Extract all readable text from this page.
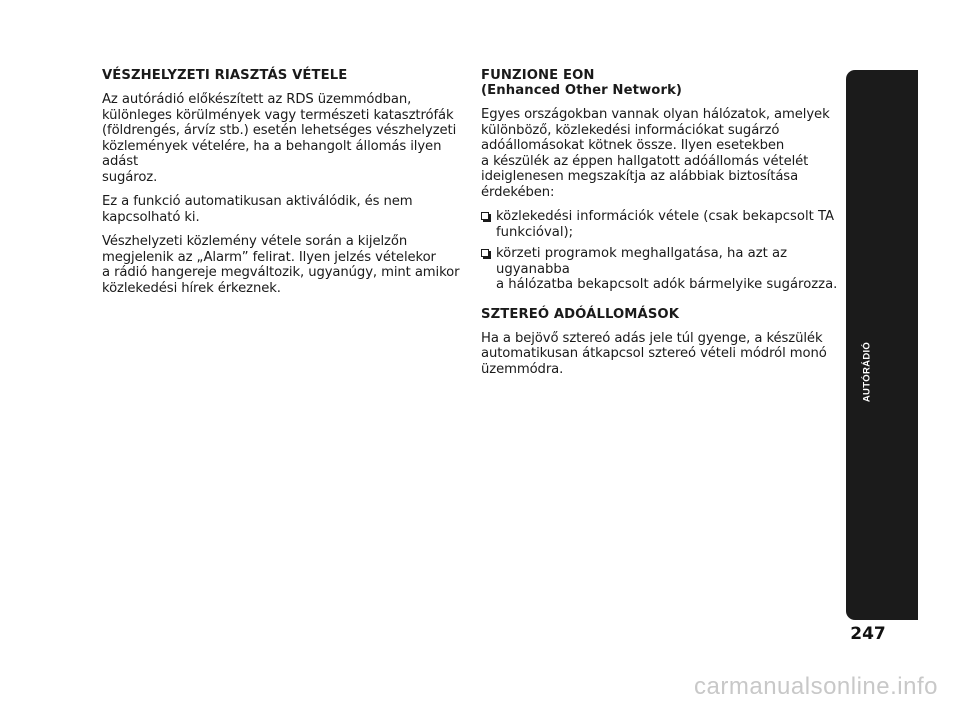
VÉSZHELYZETI RIASZTÁS VÉTELE

Az autórádió előkészített az RDS üzemmódban,
különleges körülmények vagy természeti katasztrófák
(földrengés, árvíz stb.) esetén lehetséges vészhelyzeti
közlemények vételére, ha a behangolt állomás ilyen adást
sugároz.

Ez a funkció automatikusan aktiválódik, és nem
kapcsolható ki.

Vészhelyzeti közlemény vétele során a kijelzőn
megjelenik az „Alarm” felirat. Ilyen jelzés vételekor
a rádió hangereje megváltozik, ugyanúgy, mint amikor
közlekedési hírek érkeznek.

FUNZIONE EON
(Enhanced Other Network)

Egyes országokban vannak olyan hálózatok, amelyek
különböző, közlekedési információkat sugárzó
adóállomásokat kötnek össze. Ilyen esetekben
a készülék az éppen hallgatott adóállomás vételét
ideiglenesen megszakítja az alábbiak biztosítása
érdekében:

közlekedési információk vétele (csak bekapcsolt TA
funkcióval);
körzeti programok meghallgatása, ha azt az ugyanabba
a hálózatba bekapcsolt adók bármelyike sugározza.
SZTEREÓ ADÓÁLLOMÁSOK

Ha a bejövő sztereó adás jele túl gyenge, a készülék
automatikusan átkapcsol sztereó vételi módról monó
üzemmódra.	AUTÓRÁDIÓ
247
carmanualsonline.info
